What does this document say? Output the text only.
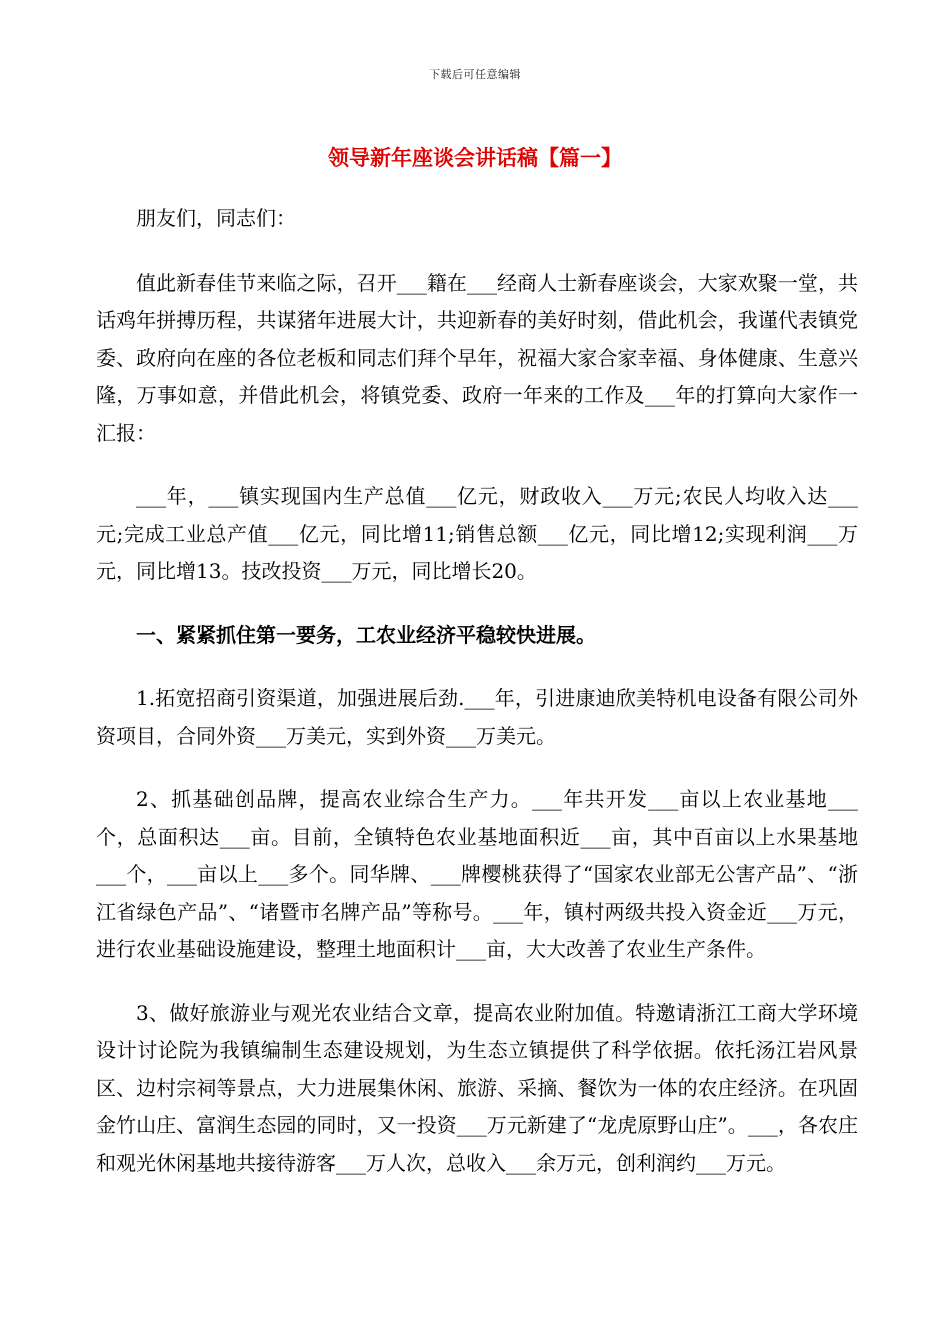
下载后可任意编辑
领导新年座谈会讲话稿【篇一】

朋友们，同志们：

值此新春佳节来临之际，召开___籍在___经商人士新春座谈会，大家欢聚一堂，共话鸡年拼搏历程，共谋猪年进展大计，共迎新春的美好时刻，借此机会，我谨代表镇党委、政府向在座的各位老板和同志们拜个早年，祝福大家合家幸福、身体健康、生意兴隆，万事如意，并借此机会，将镇党委、政府一年来的工作及___年的打算向大家作一汇报：

___年，___镇实现国内生产总值___亿元，财政收入___万元;农民人均收入达___元;完成工业总产值___亿元，同比增11;销售总额___亿元，同比增12;实现利润___万元，同比增13。技改投资___万元，同比增长20。

一、紧紧抓住第一要务，工农业经济平稳较快进展。

1.拓宽招商引资渠道，加强进展后劲.___年，引进康迪欣美特机电设备有限公司外资项目，合同外资___万美元，实到外资___万美元。

2、抓基础创品牌，提高农业综合生产力。___年共开发___亩以上农业基地___个，总面积达___亩。目前，全镇特色农业基地面积近___亩，其中百亩以上水果基地___个，___亩以上___多个。同华牌、___牌樱桃获得了“国家农业部无公害产品”、“浙江省绿色产品”、“诸暨市名牌产品”等称号。___年，镇村两级共投入资金近___万元，进行农业基础设施建设，整理土地面积计___亩，大大改善了农业生产条件。

3、做好旅游业与观光农业结合文章，提高农业附加值。特邀请浙江工商大学环境设计讨论院为我镇编制生态建设规划，为生态立镇提供了科学依据。依托汤江岩风景区、边村宗祠等景点，大力进展集休闲、旅游、采摘、餐饮为一体的农庄经济。在巩固金竹山庄、富润生态园的同时，又一投资___万元新建了“龙虎原野山庄”。___，各农庄和观光休闲基地共接待游客___万人次，总收入___余万元，创利润约___万元。
